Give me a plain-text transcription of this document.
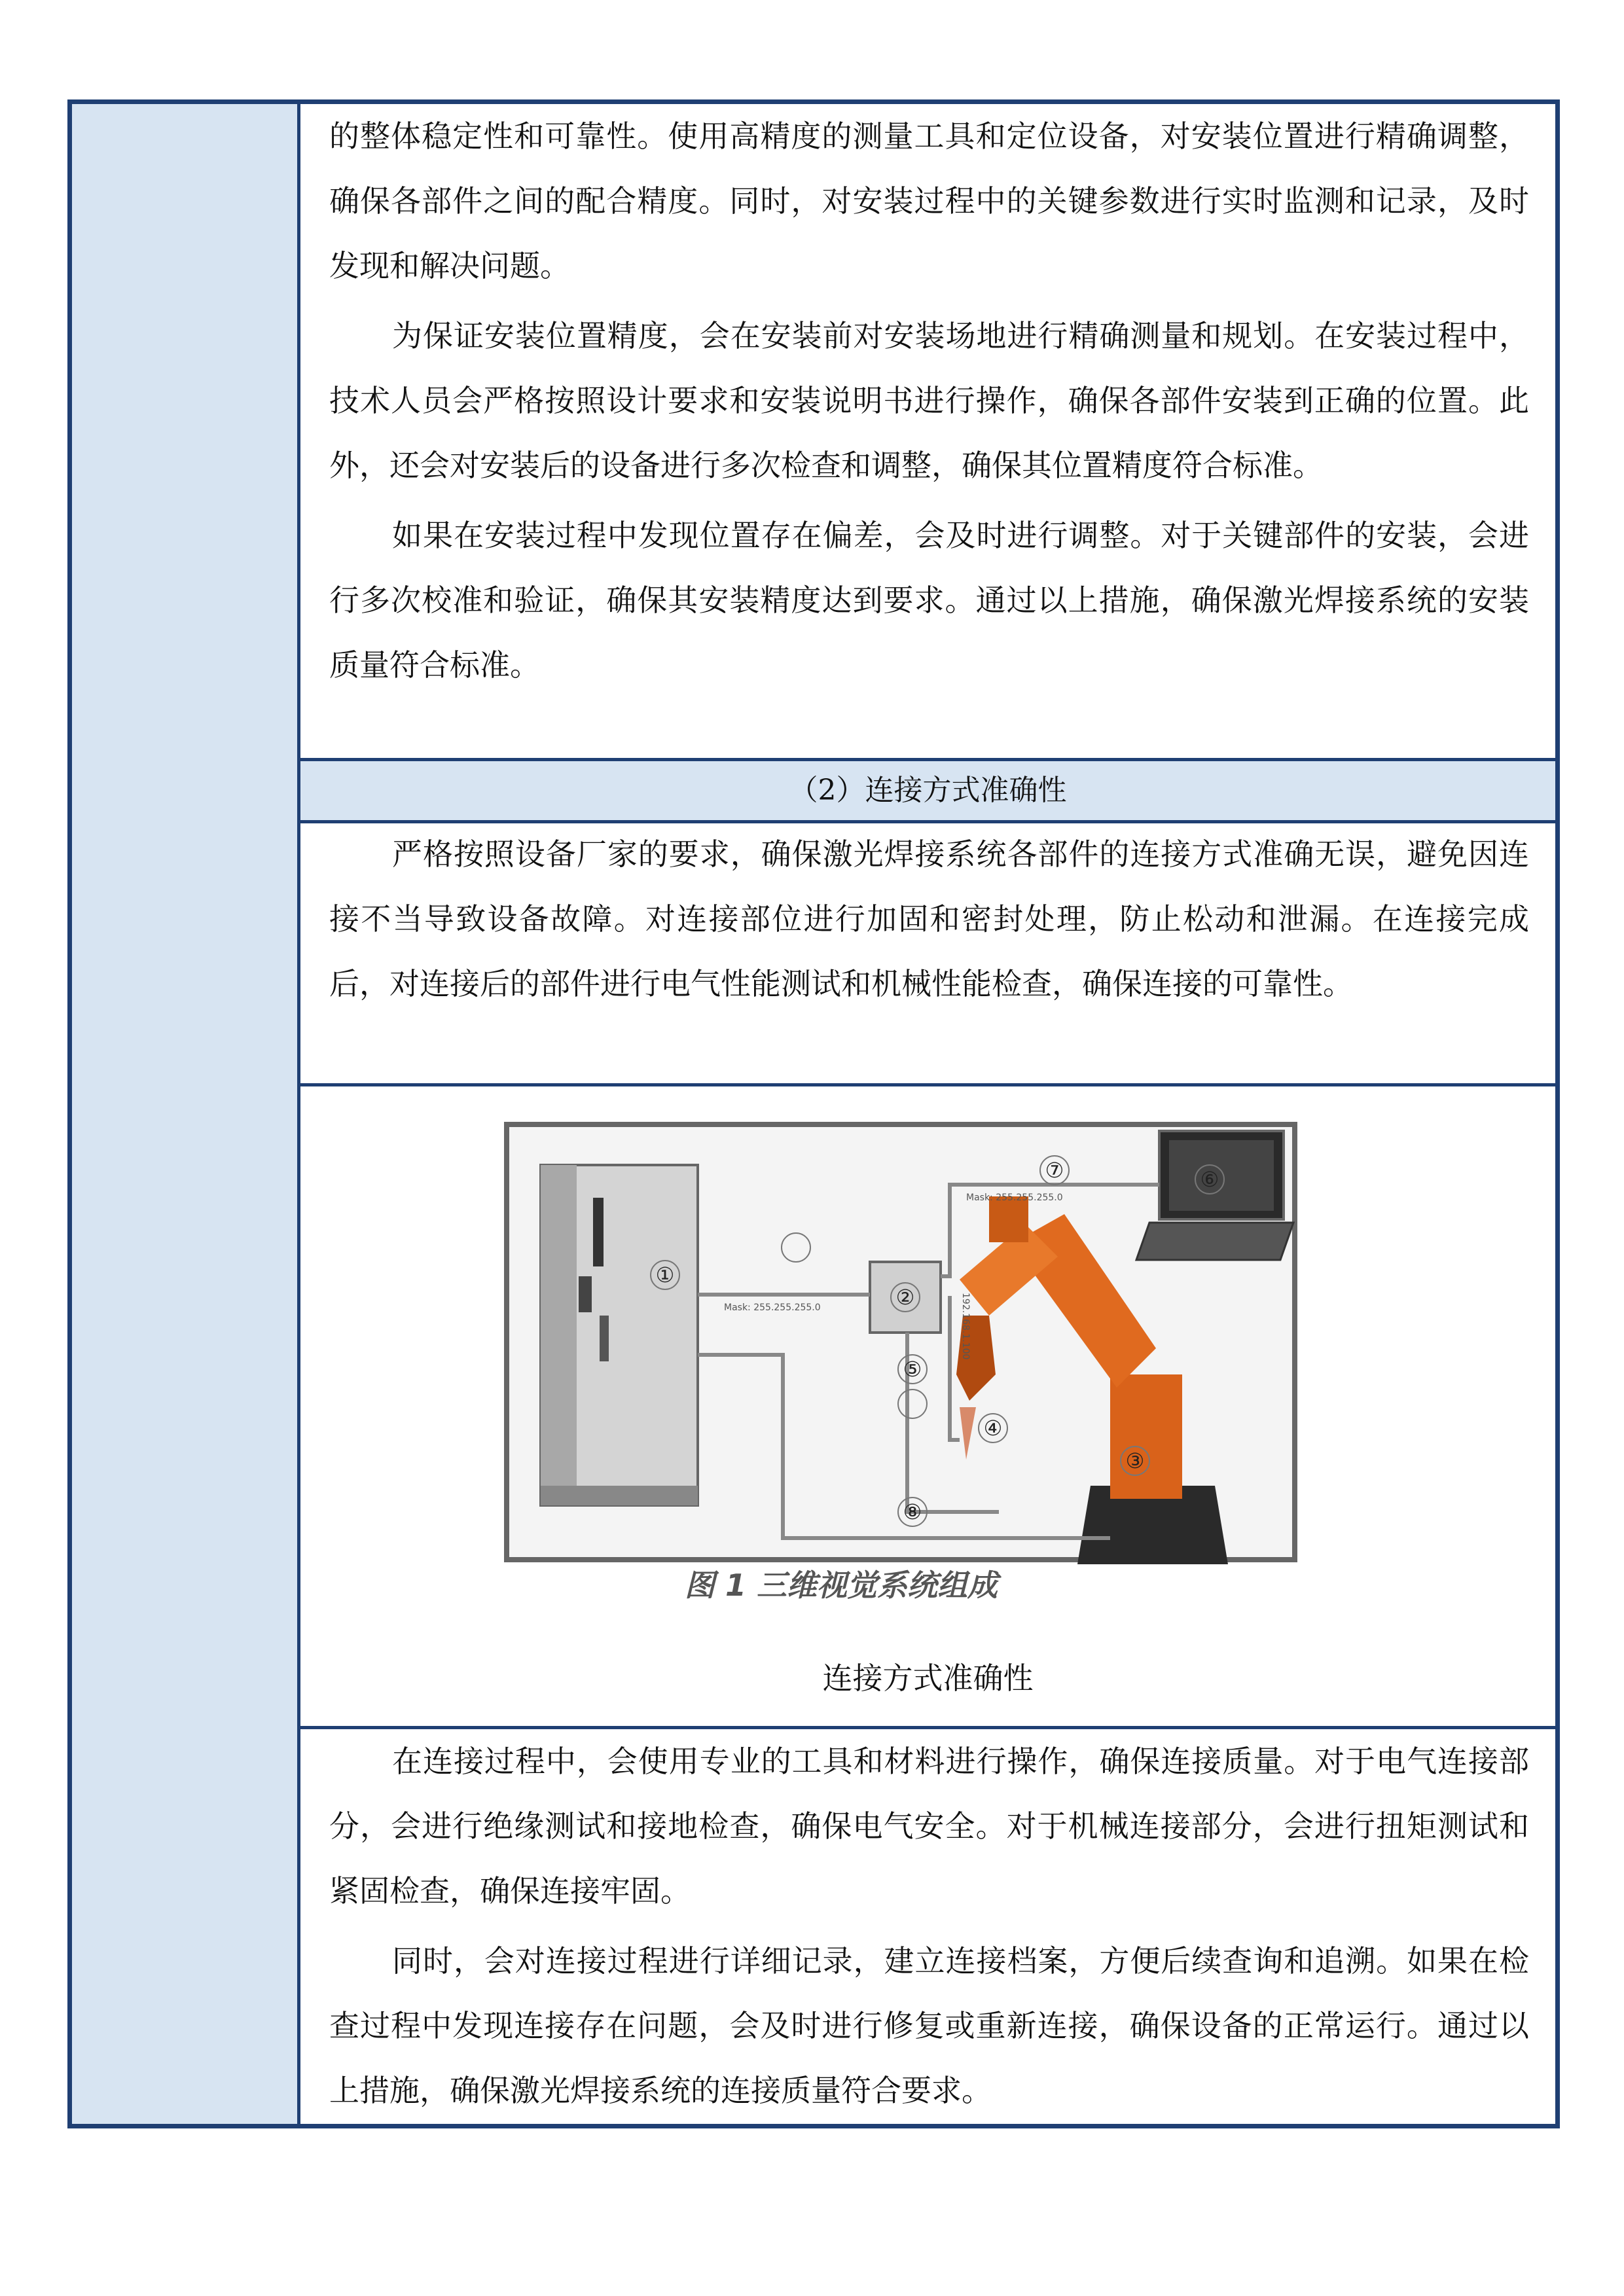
的整体稳定性和可靠性。使用高精度的测量工具和定位设备，对安装位置进行精确调整，确保各部件之间的配合精度。同时，对安装过程中的关键参数进行实时监测和记录，及时发现和解决问题。

为保证安装位置精度，会在安装前对安装场地进行精确测量和规划。在安装过程中，技术人员会严格按照设计要求和安装说明书进行操作，确保各部件安装到正确的位置。此外，还会对安装后的设备进行多次检查和调整，确保其位置精度符合标准。

如果在安装过程中发现位置存在偏差，会及时进行调整。对于关键部件的安装，会进行多次校准和验证，确保其安装精度达到要求。通过以上措施，确保激光焊接系统的安装质量符合标准。

（2）连接方式准确性

严格按照设备厂家的要求，确保激光焊接系统各部件的连接方式准确无误，避免因连接不当导致设备故障。对连接部位进行加固和密封处理，防止松动和泄漏。在连接完成后，对连接后的部件进行电气性能测试和机械性能检查，确保连接的可靠性。

①
②
③
④
⑤
⑥
⑦
⑧
Mask: 255.255.255.0
Mask: 255.255.255.0
192.168.1.100
图 1 三维视觉系统组成
连接方式准确性

在连接过程中，会使用专业的工具和材料进行操作，确保连接质量。对于电气连接部分，会进行绝缘测试和接地检查，确保电气安全。对于机械连接部分，会进行扭矩测试和紧固检查，确保连接牢固。

同时，会对连接过程进行详细记录，建立连接档案，方便后续查询和追溯。如果在检查过程中发现连接存在问题，会及时进行修复或重新连接，确保设备的正常运行。通过以上措施，确保激光焊接系统的连接质量符合要求。
